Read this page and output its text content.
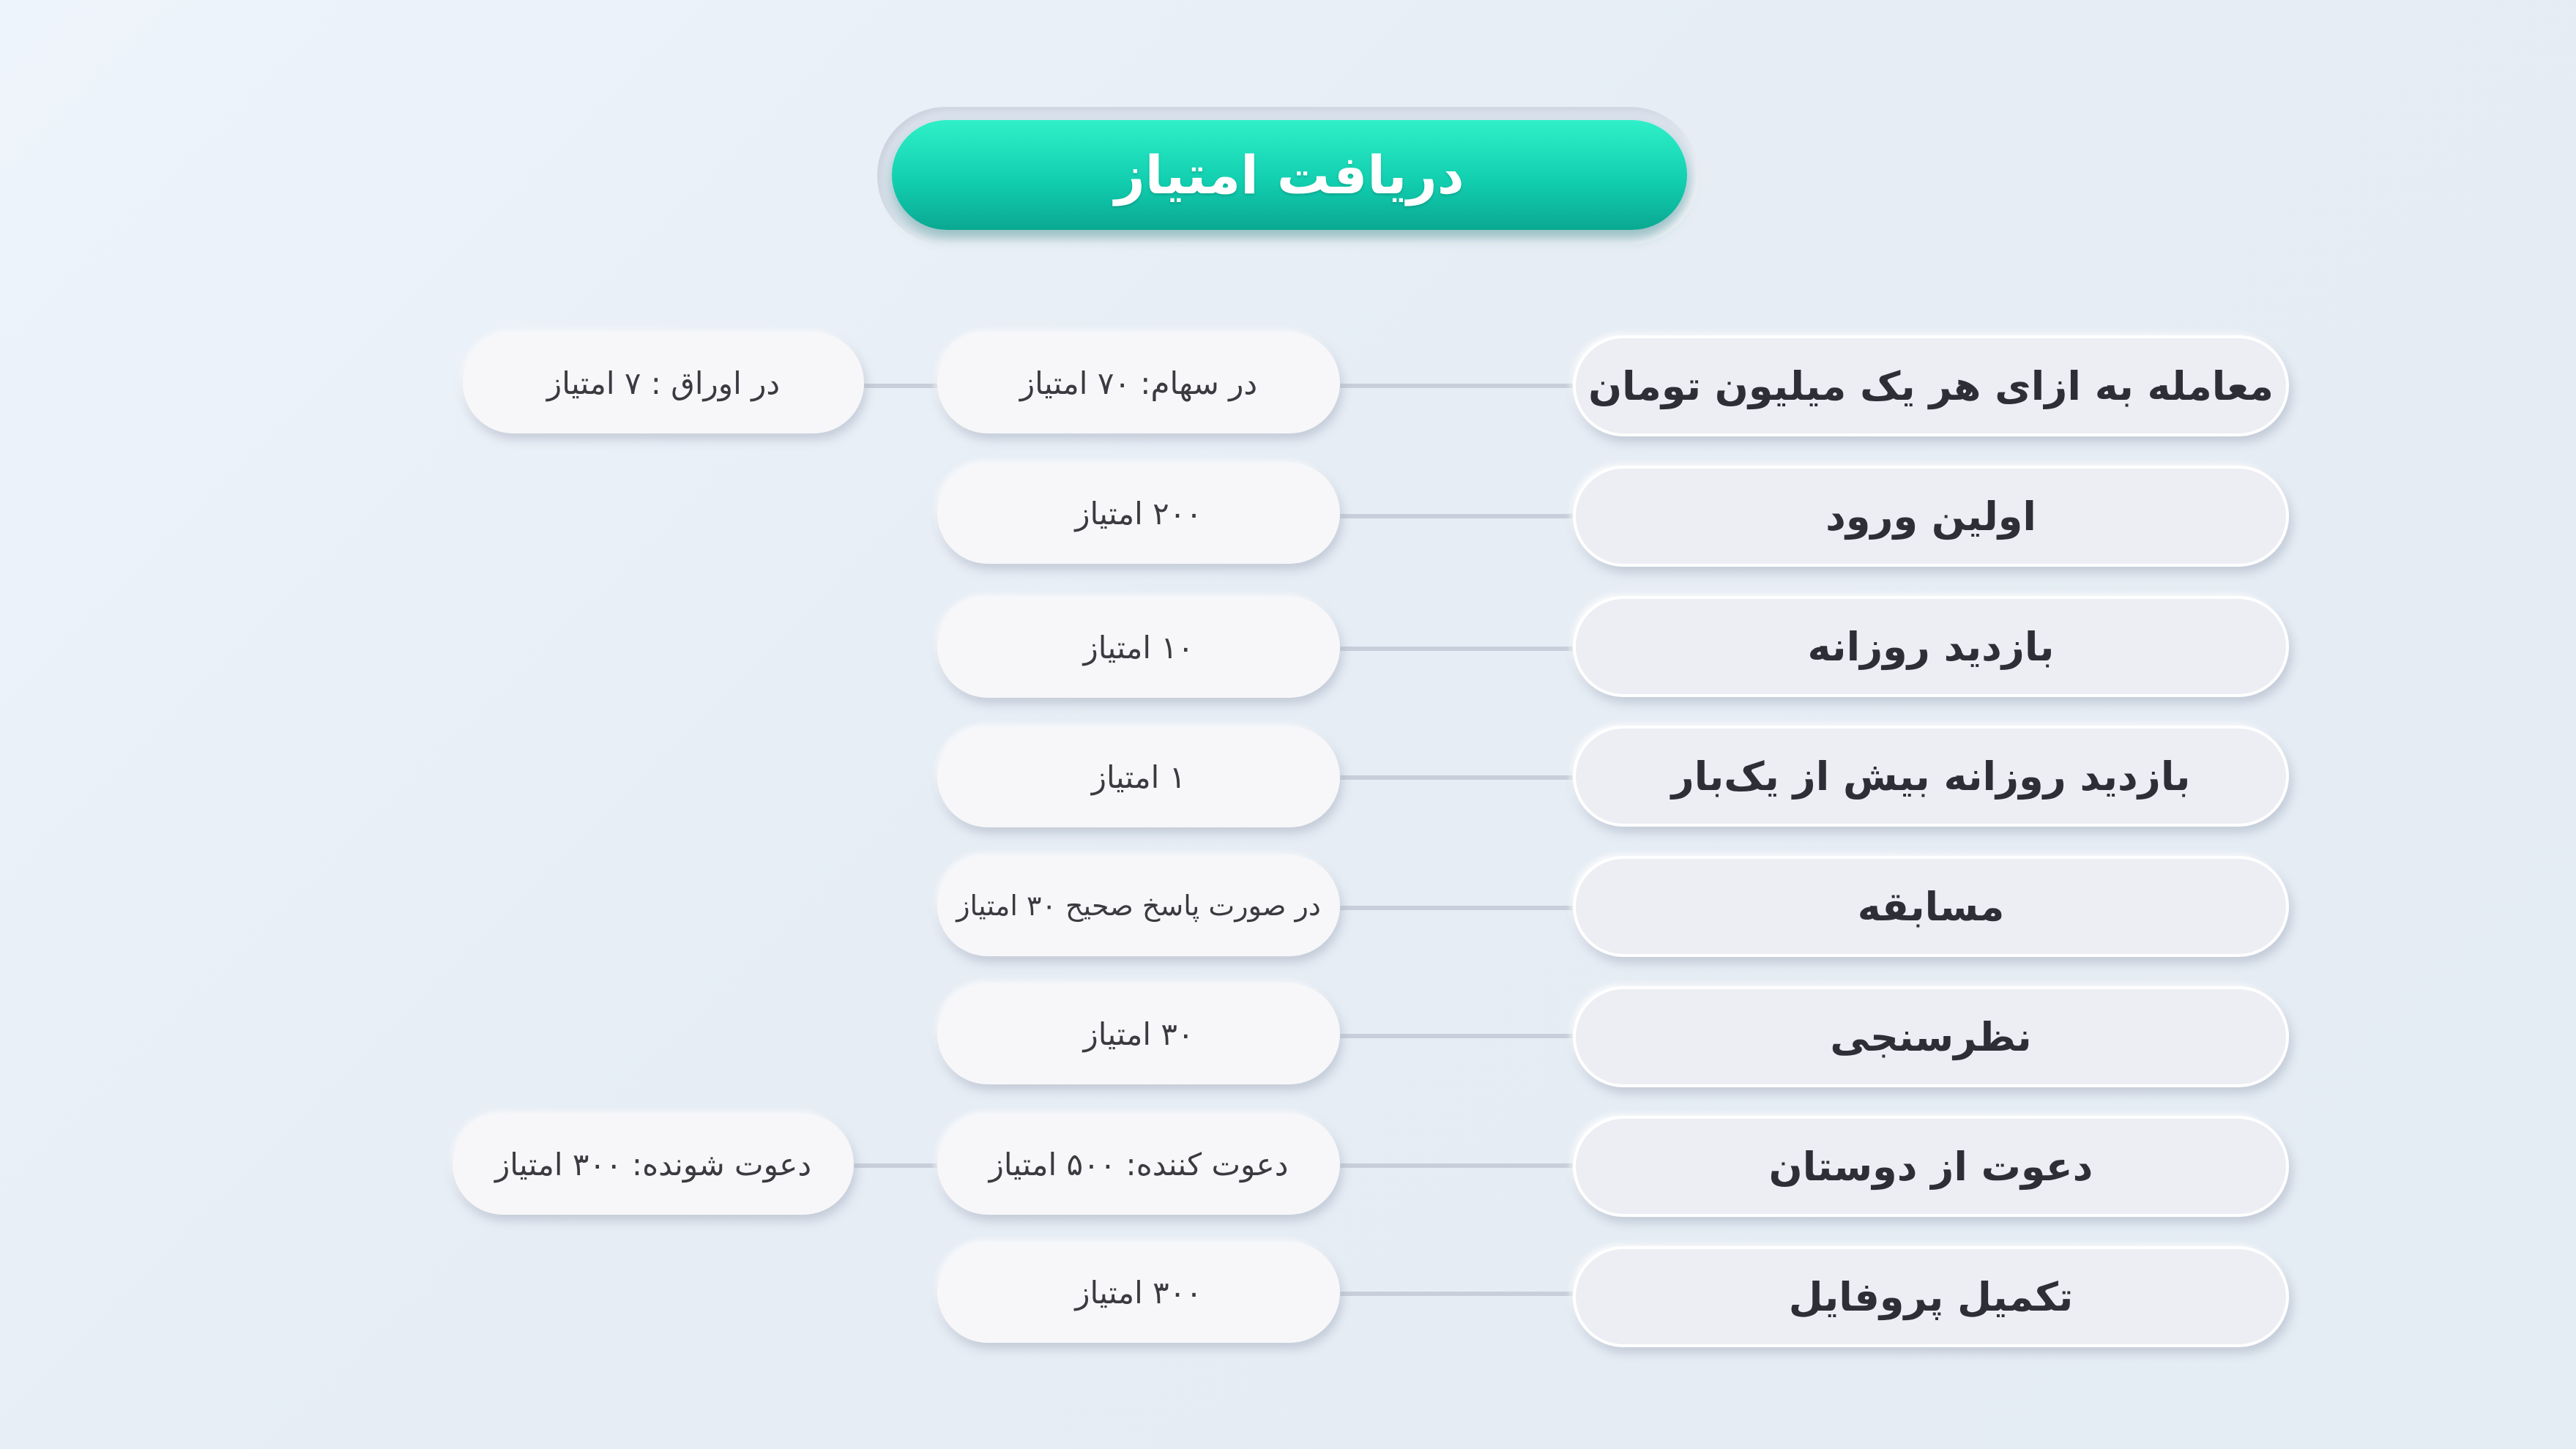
دریافت امتیاز
معامله به ازای هر یک میلیون تومان
در سهام: ۷۰ امتیاز
در اوراق : ۷ امتیاز
اولین ورود
۲۰۰ امتیاز
بازدید روزانه
۱۰ امتیاز
بازدید روزانه بیش از یک‌بار
۱ امتیاز
مسابقه
در صورت پاسخ صحیح ۳۰ امتیاز
نظرسنجی
۳۰ امتیاز
دعوت از دوستان
دعوت کننده: ۵۰۰ امتیاز
دعوت شونده: ۳۰۰ امتیاز
تکمیل پروفایل
۳۰۰ امتیاز
